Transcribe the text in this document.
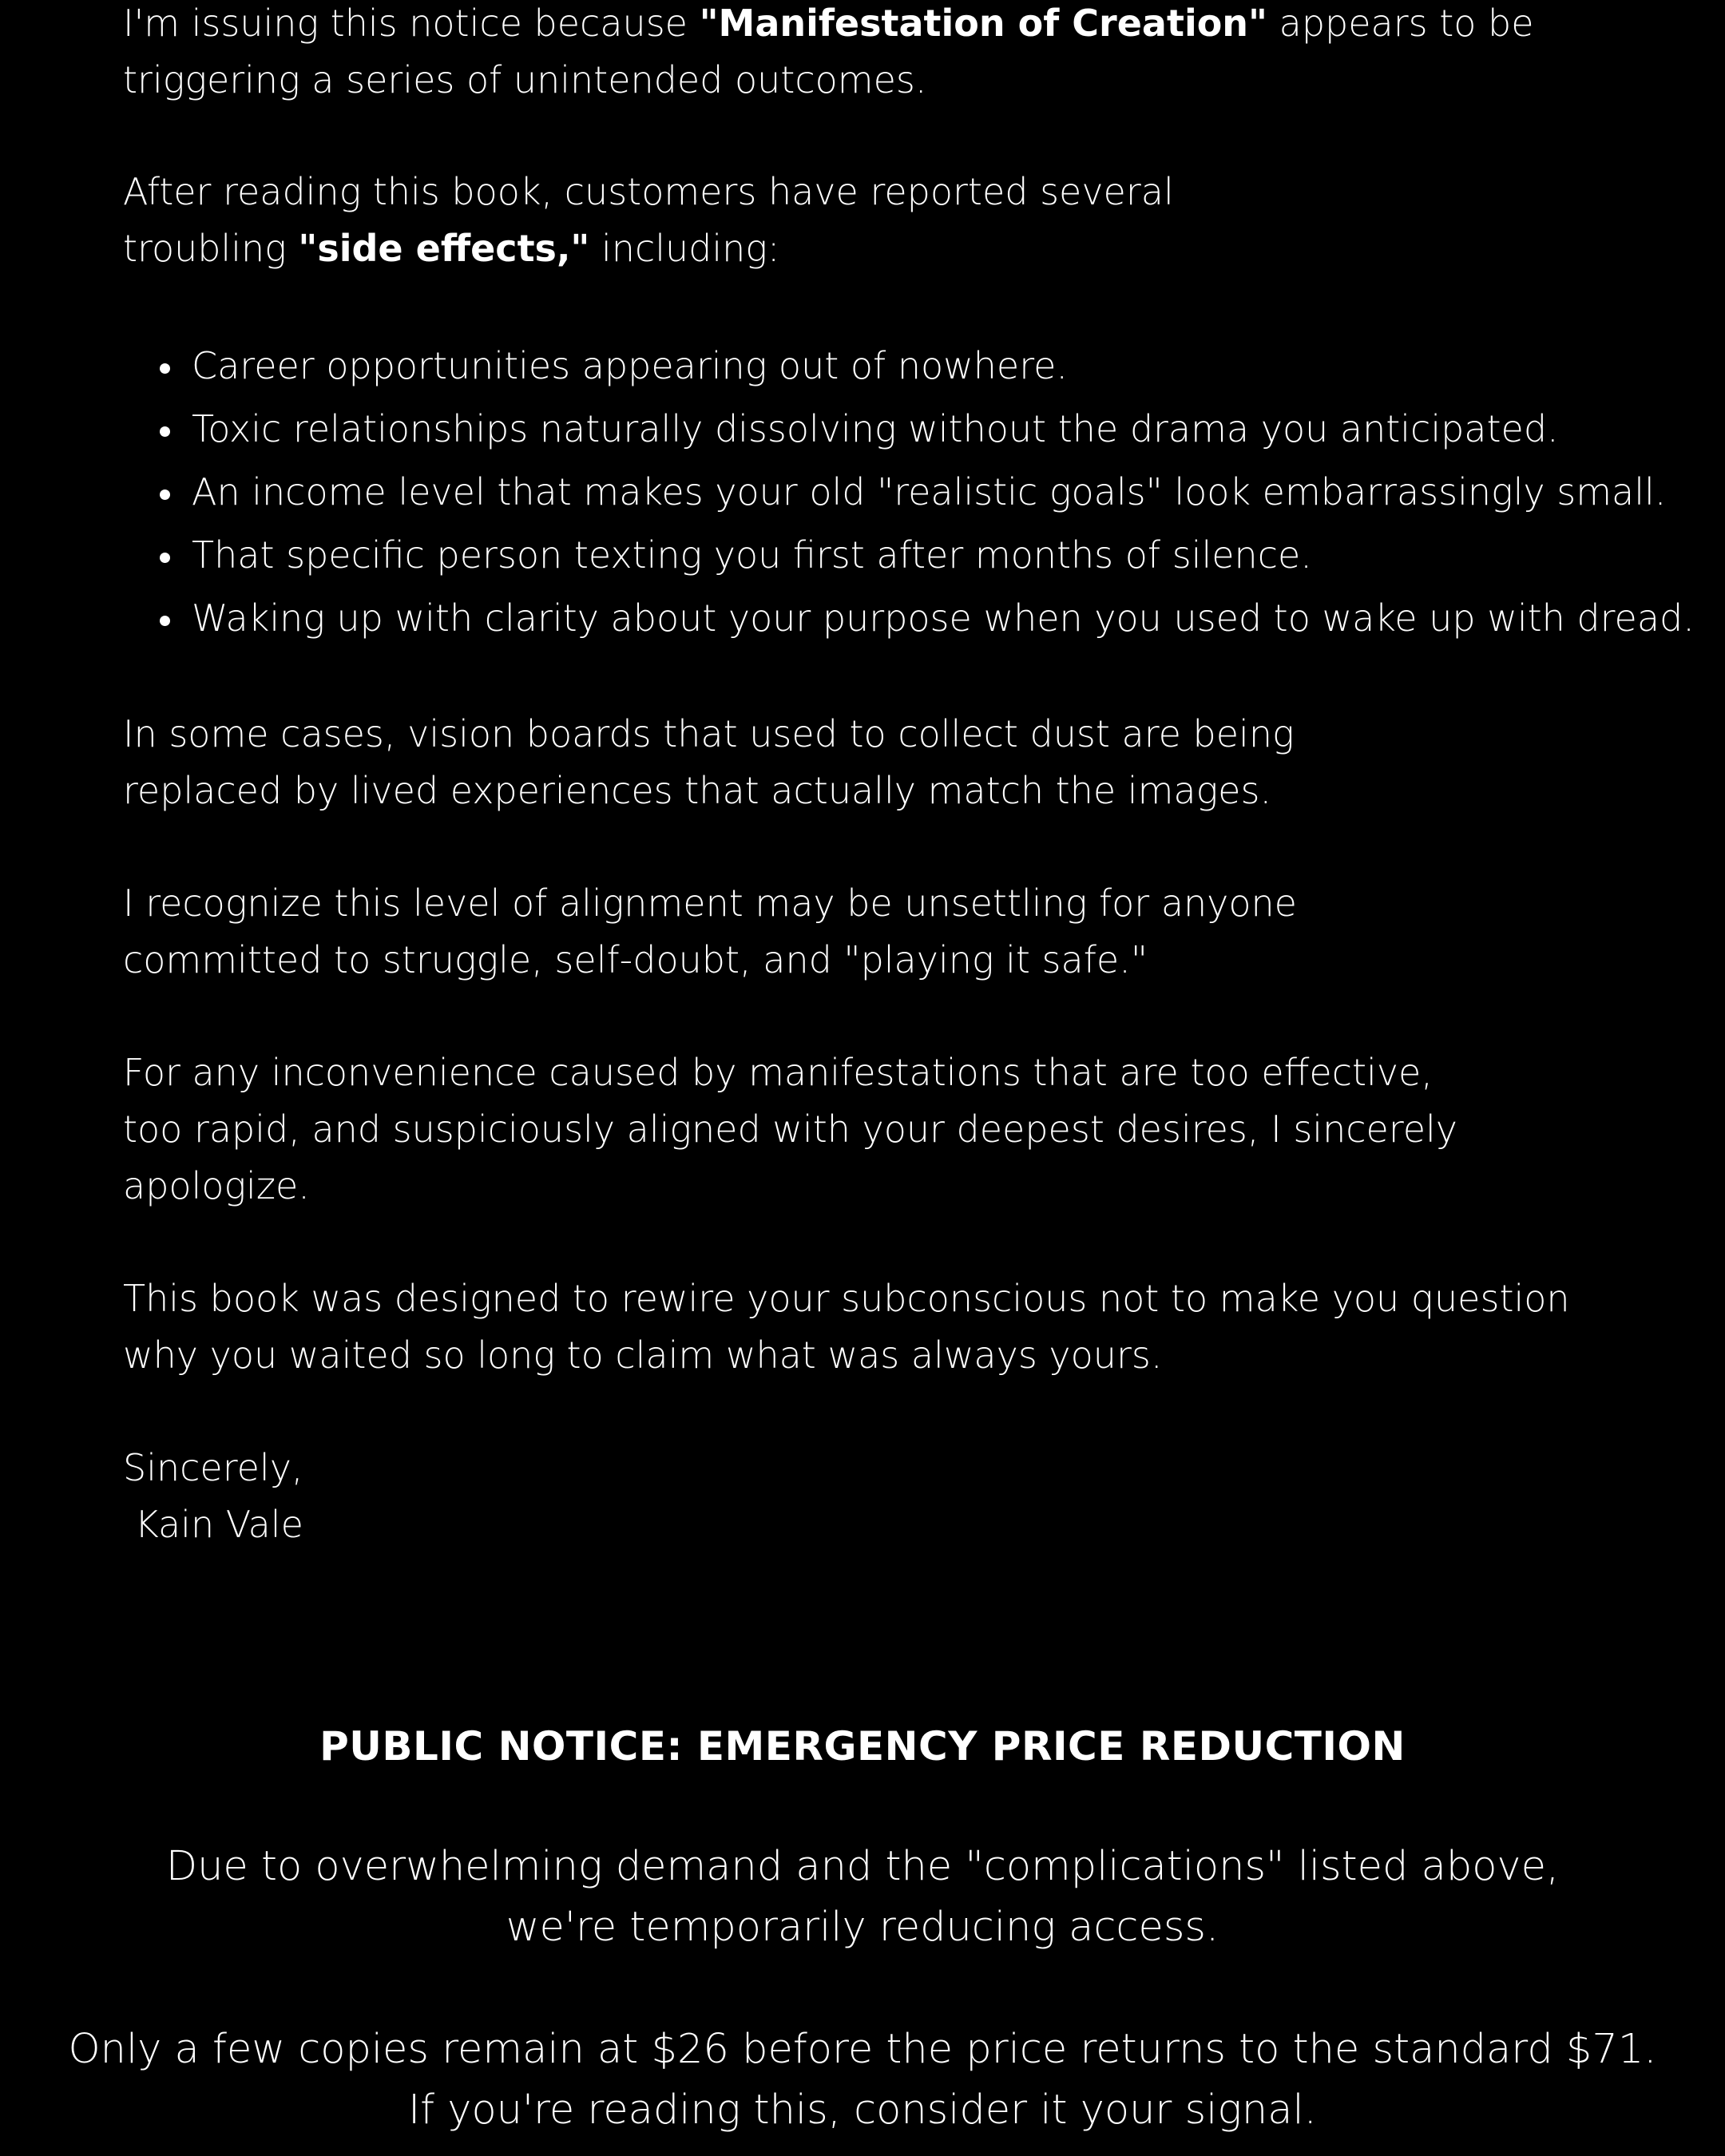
I'm issuing this notice because "Manifestation of Creation" appears to be

triggering a series of unintended outcomes.

After reading this book, customers have reported several

troubling "side effects," including:

Career opportunities appearing out of nowhere.
Toxic relationships naturally dissolving without the drama you anticipated.
An income level that makes your old "realistic goals" look embarrassingly small.
That specific person texting you first after months of silence.
Waking up with clarity about your purpose when you used to wake up with dread.

In some cases, vision boards that used to collect dust are being

replaced by lived experiences that actually match the images.

I recognize this level of alignment may be unsettling for anyone

committed to struggle, self-doubt, and "playing it safe."

For any inconvenience caused by manifestations that are too effective,

too rapid, and suspiciously aligned with your deepest desires, I sincerely

apologize.

This book was designed to rewire your subconscious not to make you question

why you waited so long to claim what was always yours.

Sincerely,

Kain Vale

PUBLIC NOTICE: EMERGENCY PRICE REDUCTION

Due to overwhelming demand and the "complications" listed above,

we're temporarily reducing access.

Only a few copies remain at $26 before the price returns to the standard $71.

If you're reading this, consider it your signal.
